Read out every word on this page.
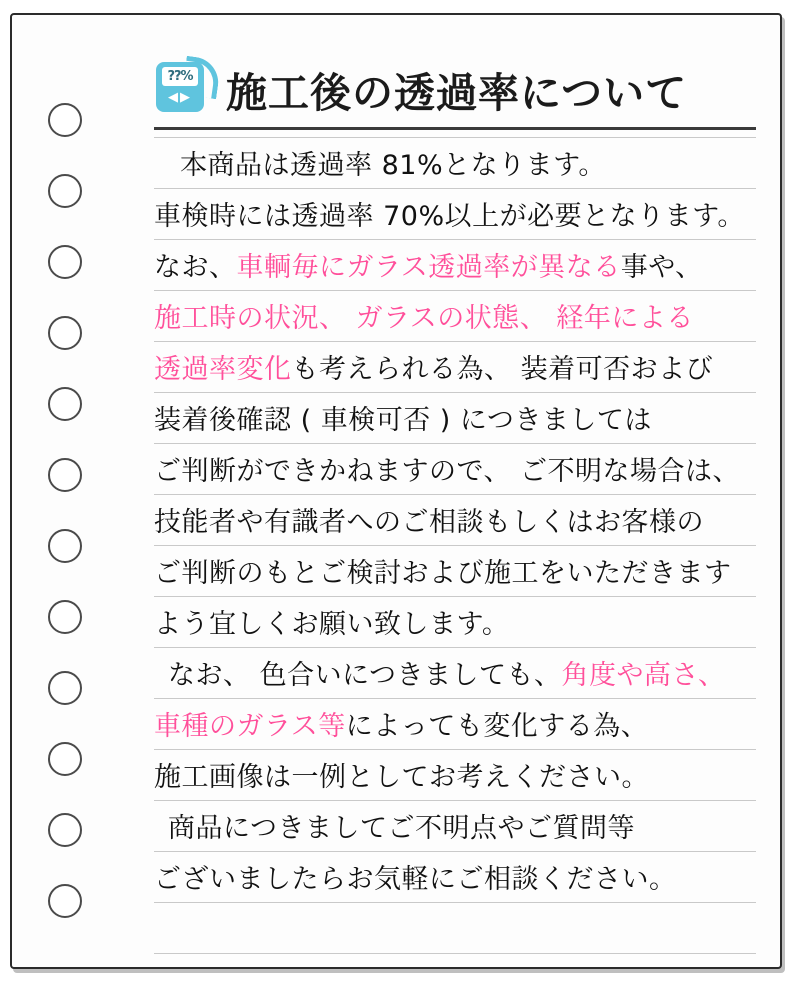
??%
◀▶ 施工後の透過率について
本商品は透過率 81%となります。
車検時には透過率 70%以上が必要となります。
なお、 車輌毎にガラス透過率が異なる 事や、
施工時の状況、 ガラスの状態、 経年による
透過率変化 も考えられる為、 装着可否および
装着後確認 ( 車検可否 ) につきましては
ご判断ができかねますので、 ご不明な場合は、
技能者や有識者へのご相談もしくはお客様の
ご判断のもとご検討および施工をいただきます
よう宜しくお願い致します。
なお、 色合いにつきましても、 角度や高さ、
車種のガラス等 によっても変化する為、
施工画像は一例としてお考えください。
商品につきましてご不明点やご質問等
ございましたらお気軽にご相談ください。
